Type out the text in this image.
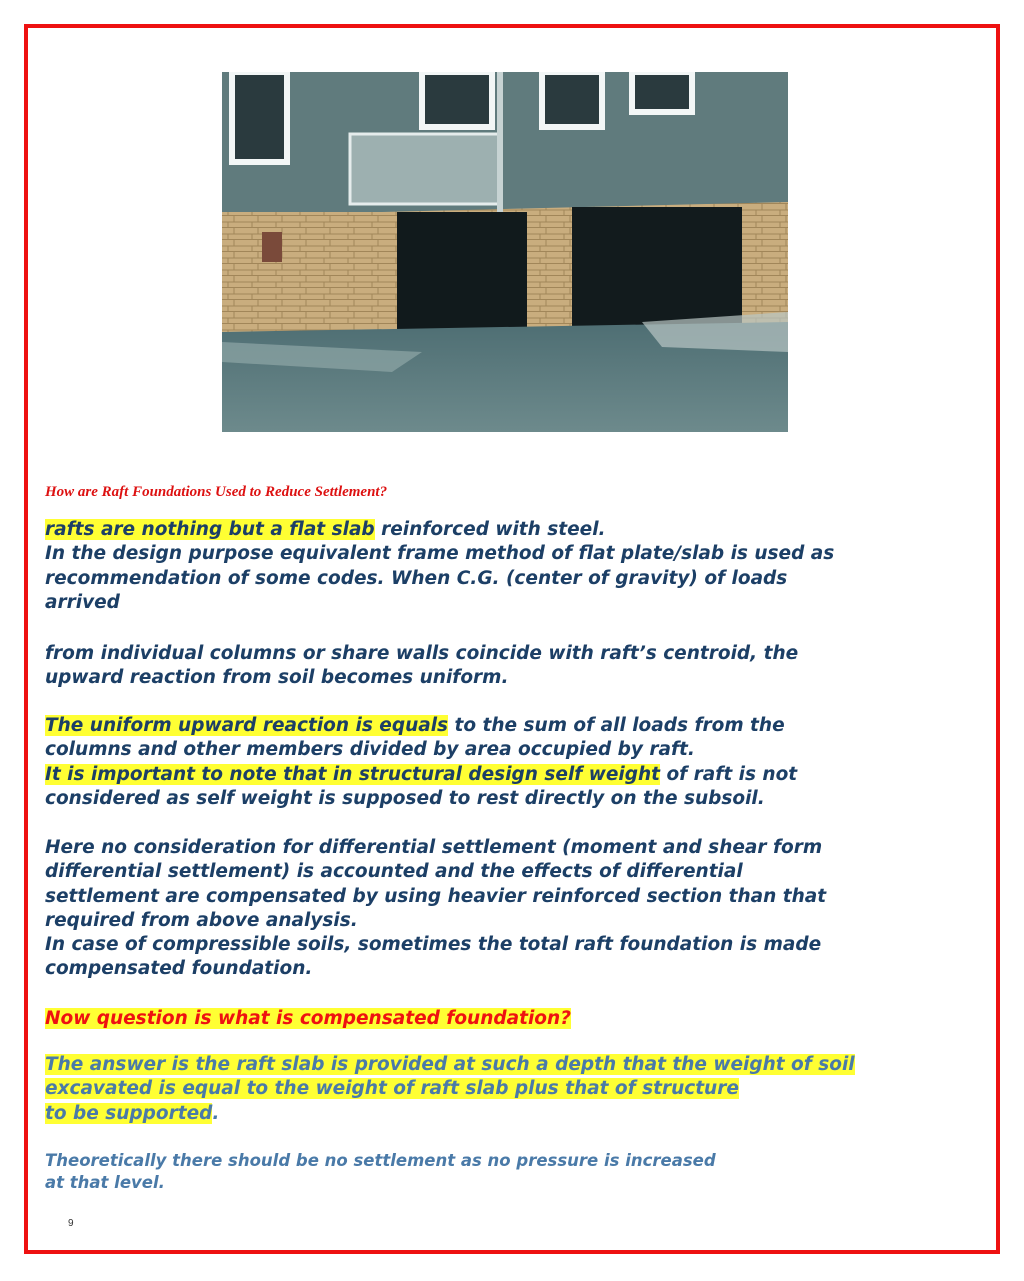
How are Raft Foundations Used to Reduce Settlement?
rafts are nothing but a flat slab reinforced with steel.
In the design purpose equivalent frame method of flat plate/slab is used as
recommendation of some codes. When C.G. (center of gravity) of loads
arrived
from individual columns or share walls coincide with raft’s centroid, the
upward reaction from soil becomes uniform.
The uniform upward reaction is equals to the sum of all loads from the
columns and other members divided by area occupied by raft.
It is important to note that in structural design self weight of raft is not
considered as self weight is supposed to rest directly on the subsoil.
Here no consideration for differential settlement (moment and shear form
differential settlement) is accounted and the effects of differential
settlement are compensated by using heavier reinforced section than that
required from above analysis.
In case of compressible soils, sometimes the total raft foundation is made
compensated foundation.
Now question is what is compensated foundation?
The answer is the raft slab is provided at such a depth that the weight of soil
excavated is equal to the weight of raft slab plus that of structure
to be supported.
Theoretically there should be no settlement as no pressure is increased
at that level.
9
